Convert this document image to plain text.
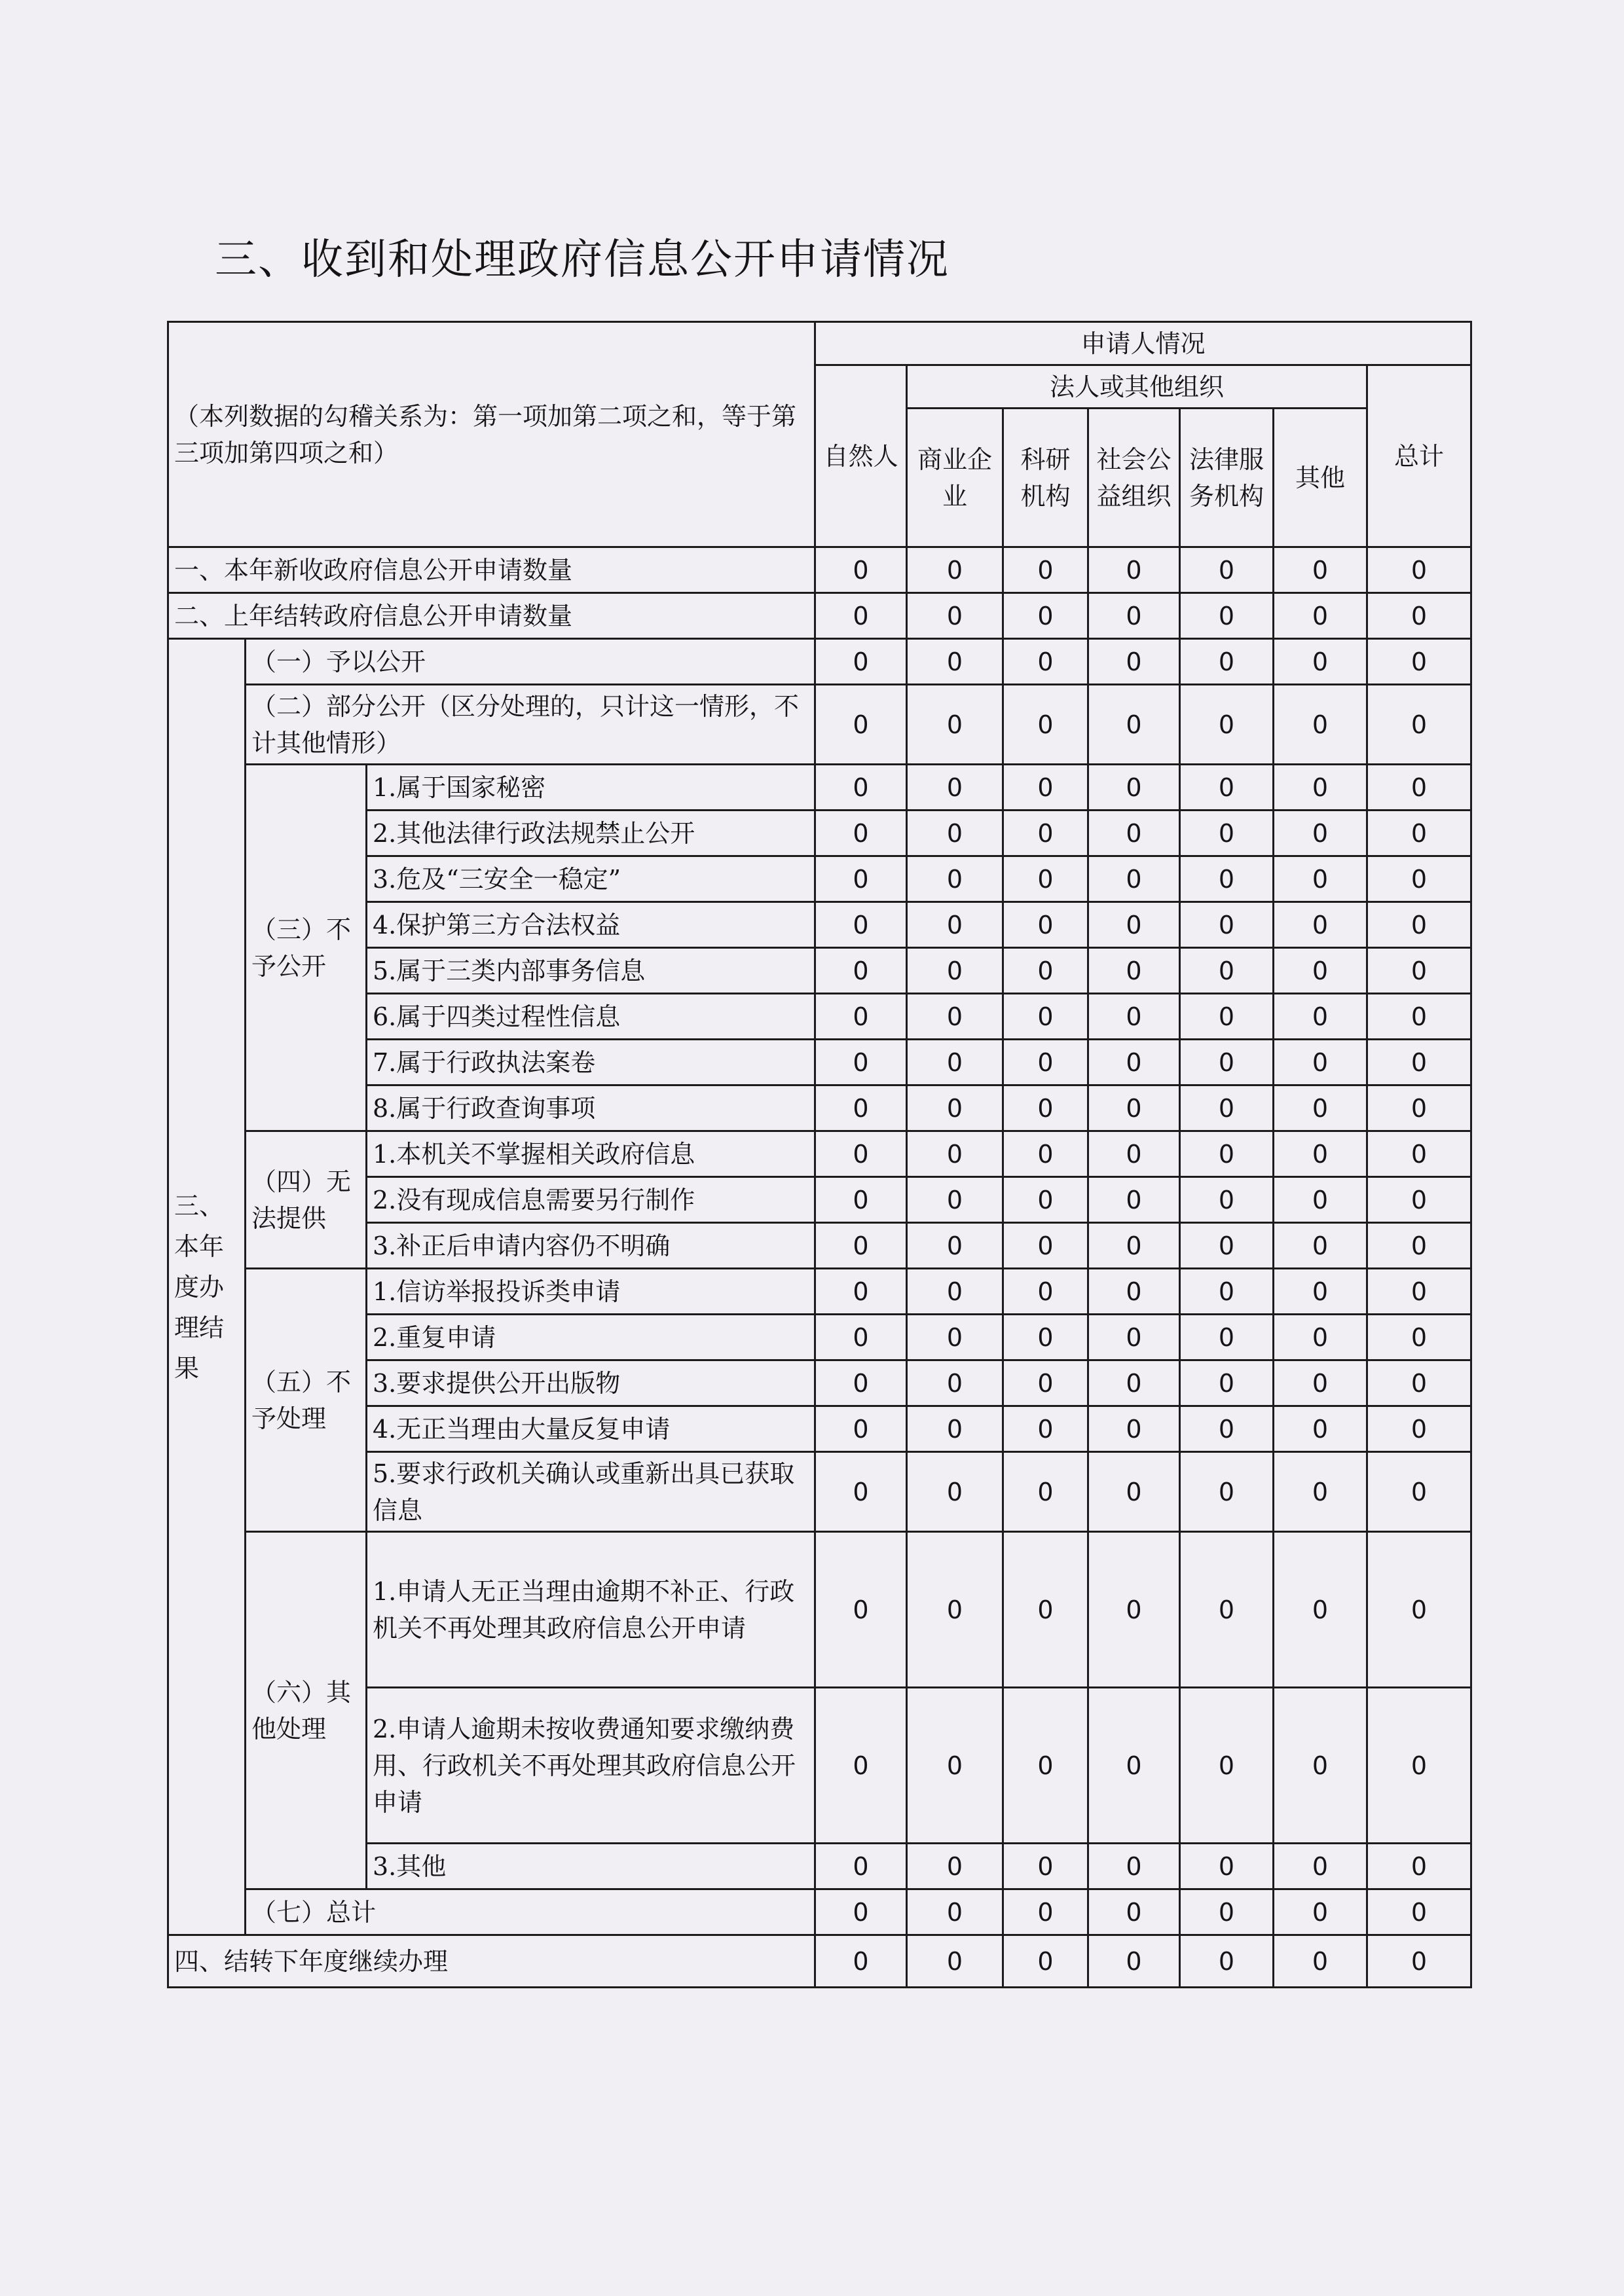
三、收到和处理政府信息公开申请情况
（本列数据的勾稽关系为：第一项加第二项之和，等于第三项加第四项之和）			申请人情况						
			自然人	法人或其他组织					总计
				商业企业	科研机构	社会公益组织	法律服务机构	其他	
一、本年新收政府信息公开申请数量			0	0	0	0	0	0	0
二、上年结转政府信息公开申请数量			0	0	0	0	0	0	0
三、本年度办理结果	（一）予以公开		0	0	0	0	0	0	0
	（二）部分公开（区分处理的，只计这一情形，不计其他情形）		0	0	0	0	0	0	0
	（三）不予公开	1.属于国家秘密	0	0	0	0	0	0	0
		2.其他法律行政法规禁止公开	0	0	0	0	0	0	0
		3.危及“三安全一稳定”	0	0	0	0	0	0	0
		4.保护第三方合法权益	0	0	0	0	0	0	0
		5.属于三类内部事务信息	0	0	0	0	0	0	0
		6.属于四类过程性信息	0	0	0	0	0	0	0
		7.属于行政执法案卷	0	0	0	0	0	0	0
		8.属于行政查询事项	0	0	0	0	0	0	0
	（四）无法提供	1.本机关不掌握相关政府信息	0	0	0	0	0	0	0
		2.没有现成信息需要另行制作	0	0	0	0	0	0	0
		3.补正后申请内容仍不明确	0	0	0	0	0	0	0
	（五）不予处理	1.信访举报投诉类申请	0	0	0	0	0	0	0
		2.重复申请	0	0	0	0	0	0	0
		3.要求提供公开出版物	0	0	0	0	0	0	0
		4.无正当理由大量反复申请	0	0	0	0	0	0	0
		5.要求行政机关确认或重新出具已获取信息	0	0	0	0	0	0	0
	（六）其他处理	1.申请人无正当理由逾期不补正、行政机关不再处理其政府信息公开申请	0	0	0	0	0	0	0
		2.申请人逾期未按收费通知要求缴纳费用、行政机关不再处理其政府信息公开申请	0	0	0	0	0	0	0
		3.其他	0	0	0	0	0	0	0
	（七）总计		0	0	0	0	0	0	0
四、结转下年度继续办理			0	0	0	0	0	0	0
